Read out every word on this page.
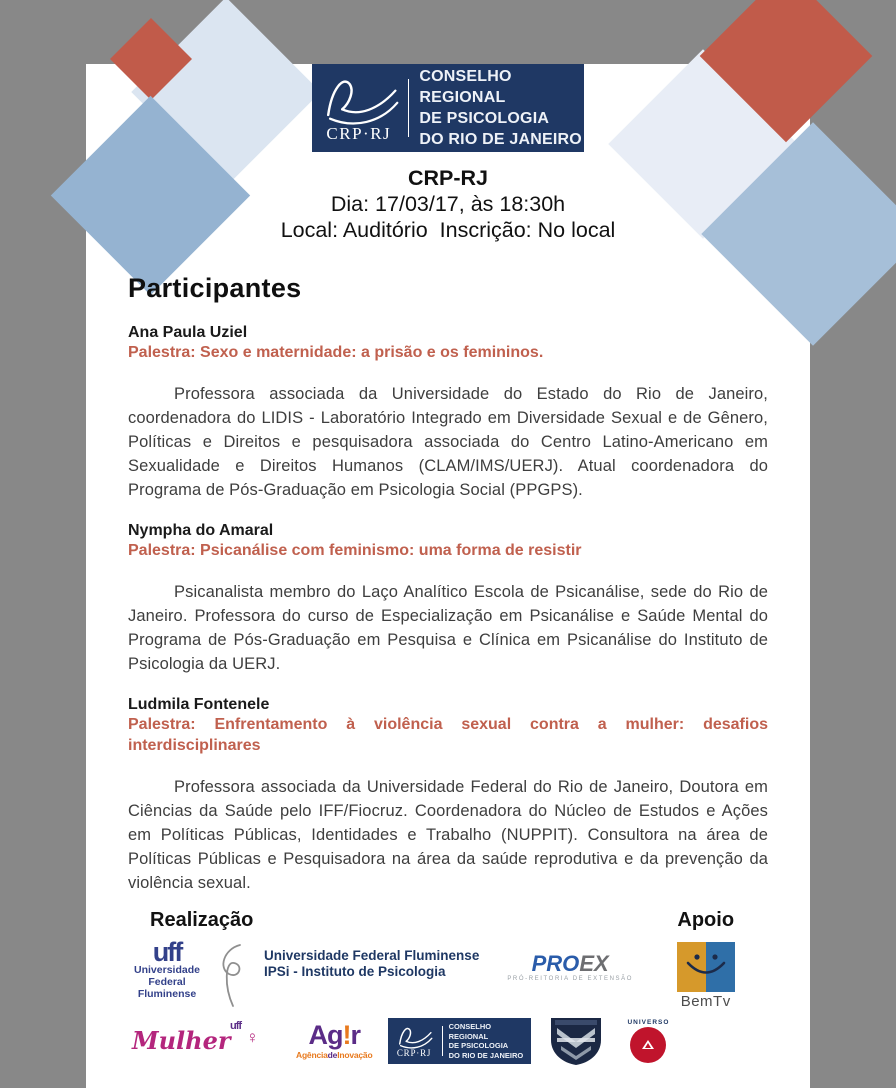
CRP·RJ
CONSELHO REGIONAL
DE PSICOLOGIA
DO RIO DE JANEIRO
CRP-RJ
Dia: 17/03/17, às 18:30h
Local: Auditório  Inscrição: No local
Participantes
Ana Paula Uziel
Palestra: Sexo e maternidade: a prisão e os femininos.
Professora associada da Universidade do Estado do Rio de Janeiro, coordenadora do LIDIS - Laboratório Integrado em Diversidade Sexual e de Gênero, Políticas e Direitos e pesquisadora associada do Centro Latino-Americano em Sexualidade e Direitos Humanos (CLAM/IMS/UERJ). Atual coordenadora do Programa de Pós-Graduação em Psicologia Social (PPGPS).
Nympha do Amaral
Palestra: Psicanálise com feminismo: uma forma de resistir
Psicanalista membro do Laço Analítico Escola de Psicanálise, sede do Rio de Janeiro. Professora do curso de Especialização em Psicanálise e Saúde Mental do Programa de Pós-Graduação em Pesquisa e Clínica em Psicanálise do Instituto de Psicologia da UERJ.
Ludmila Fontenele
Palestra: Enfrentamento à violência sexual contra a mulher: desafios interdisciplinares
Professora associada da Universidade Federal do Rio de Janeiro, Doutora em Ciências da Saúde pelo IFF/Fiocruz. Coordenadora do Núcleo de Estudos e Ações em Políticas Públicas, Identidades e Trabalho (NUPPIT). Consultora na área de Políticas Públicas e Pesquisadora na área da saúde reprodutiva e da prevenção da violência sexual.
Realização
uff
Universidade
Federal
Fluminense
Universidade Federal Fluminense
IPSi - Instituto de Psicologia	PROEX
PRÓ-REITORIA DE EXTENSÃO
Mulher uff
♀	Ag!r
AgênciadeInovação	CRP·RJ
CONSELHO REGIONAL
DE PSICOLOGIA
DO RIO DE JANEIRO
UNIVERSO
Apoio
BemTv
